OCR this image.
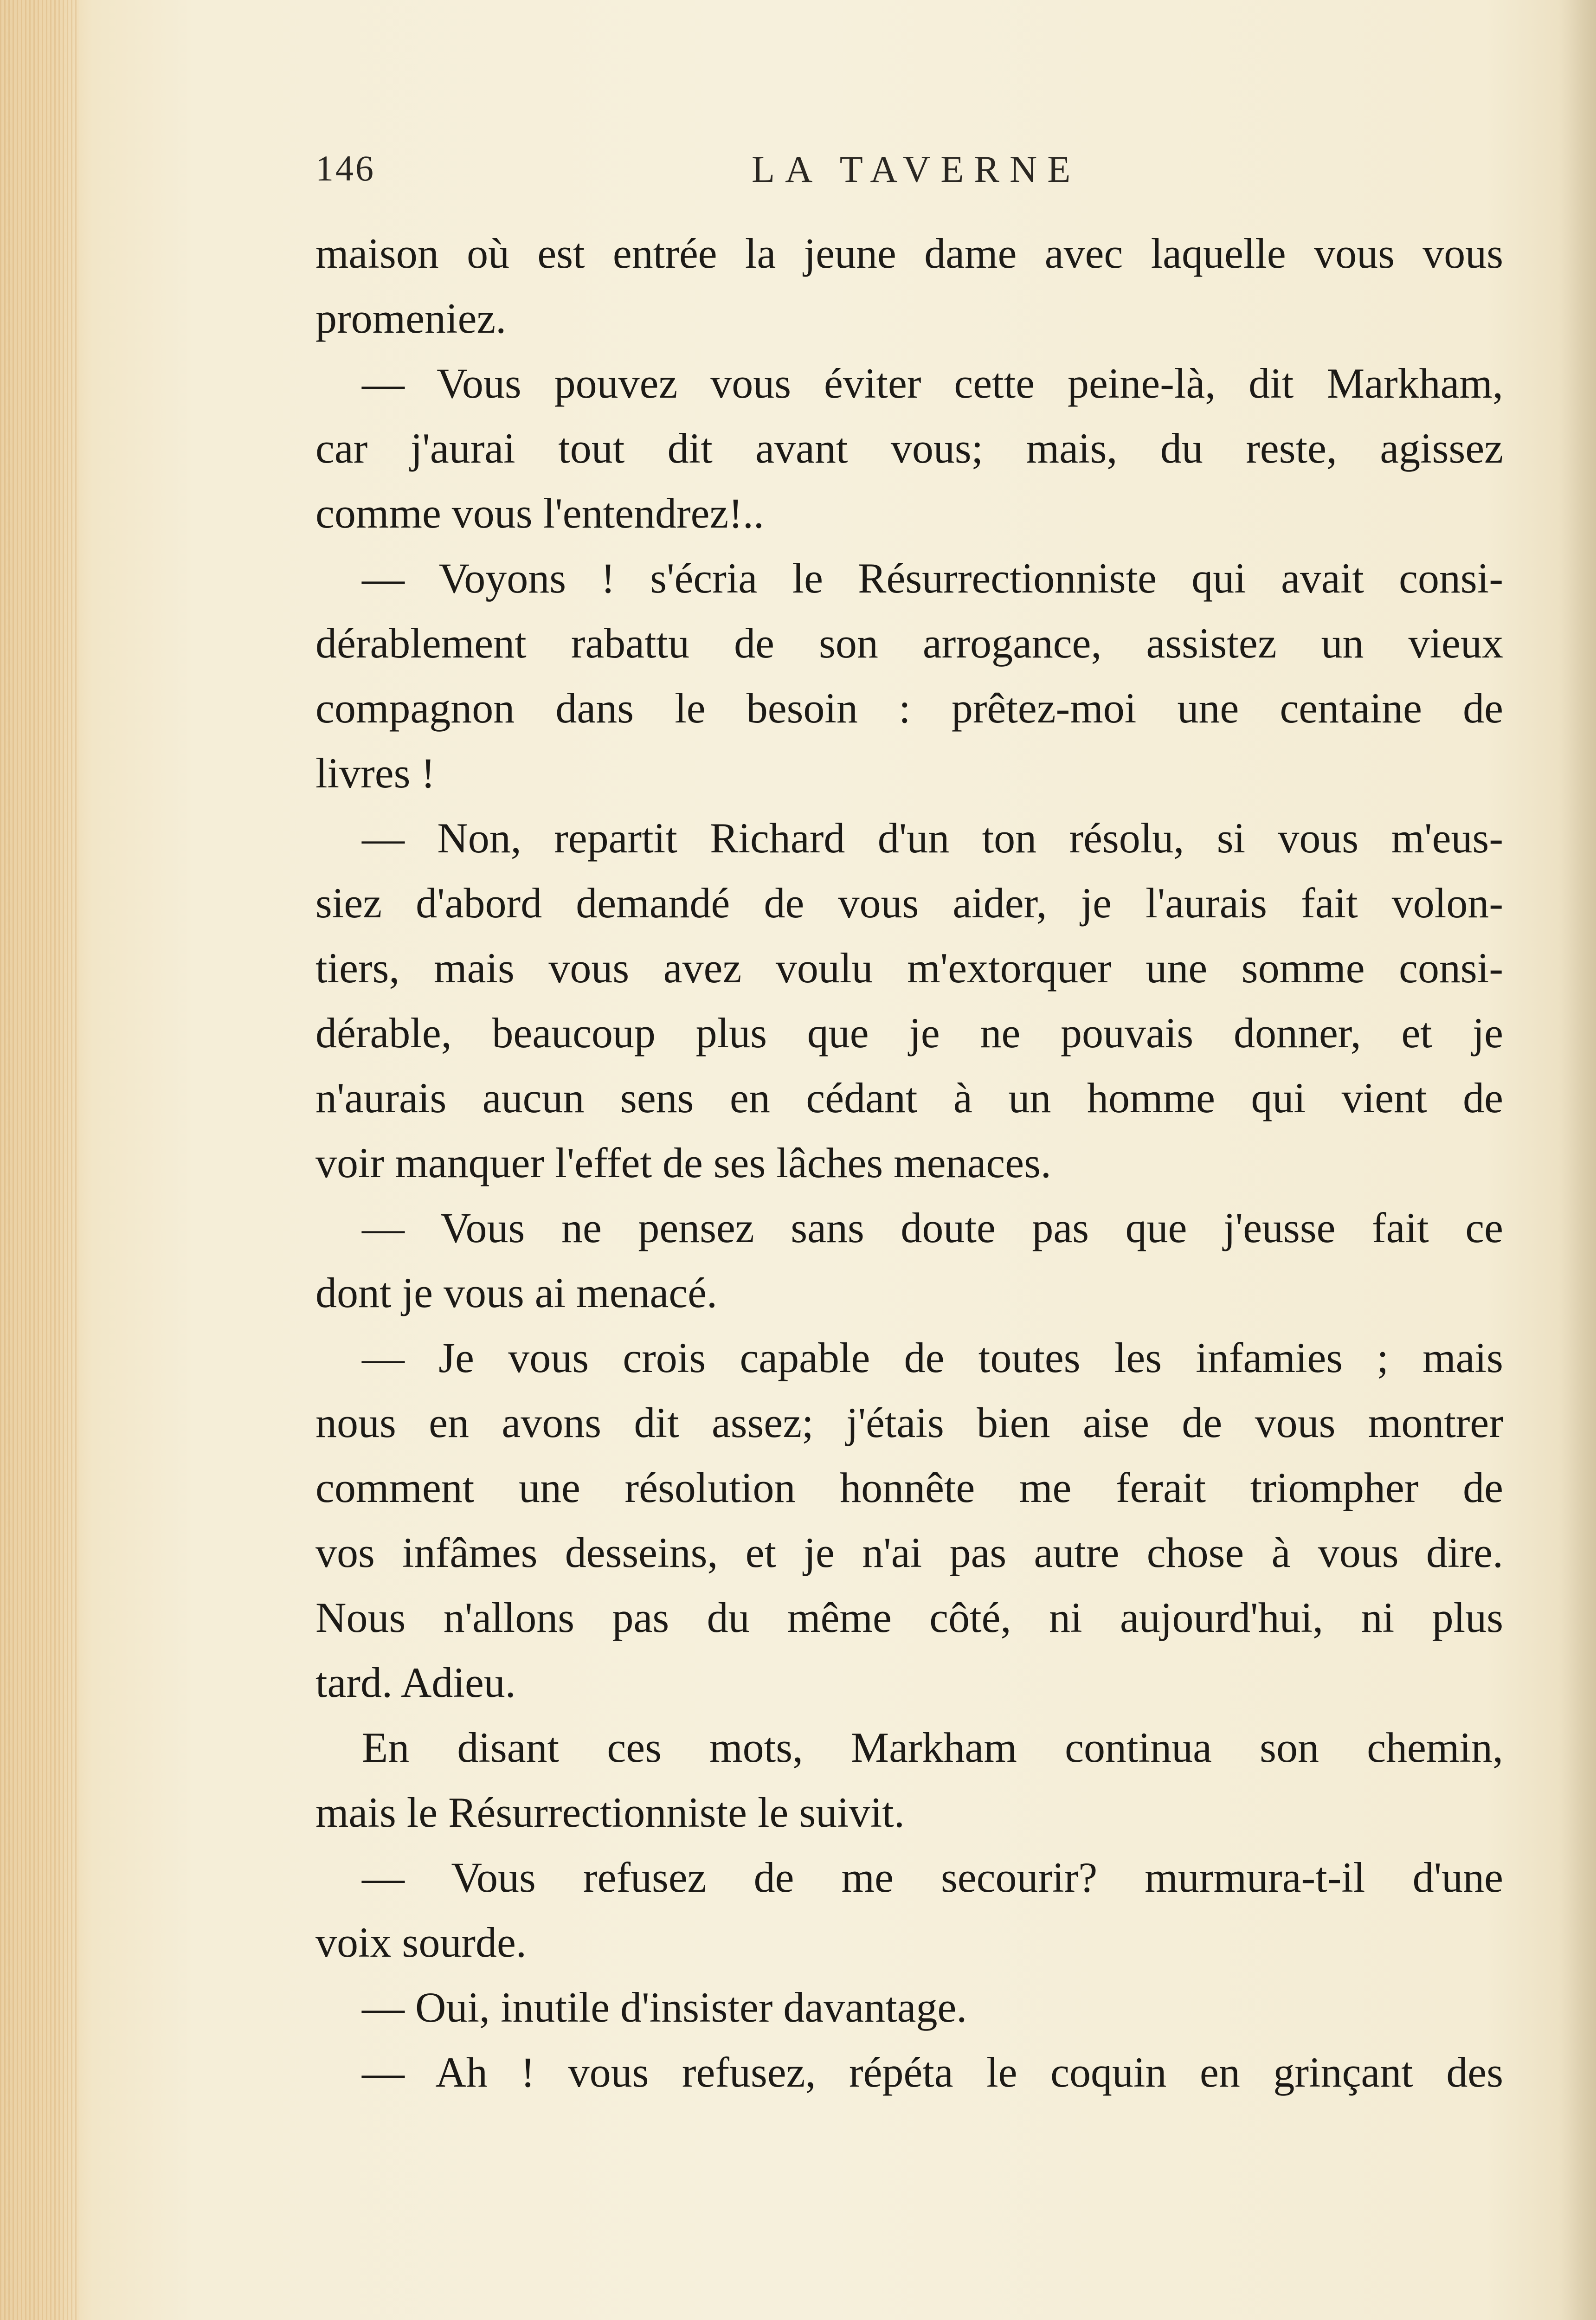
146	LA TAVERNE
maison où est entrée la jeune dame avec laquelle vous vous
promeniez.
— Vous pouvez vous éviter cette peine-là, dit Markham,
car j'aurai tout dit avant vous; mais, du reste, agissez
comme vous l'entendrez!..
— Voyons ! s'écria le Résurrectionniste qui avait consi-
dérablement rabattu de son arrogance, assistez un vieux
compagnon dans le besoin : prêtez-moi une centaine de
livres !
— Non, repartit Richard d'un ton résolu, si vous m'eus-
siez d'abord demandé de vous aider, je l'aurais fait volon-
tiers, mais vous avez voulu m'extorquer une somme consi-
dérable, beaucoup plus que je ne pouvais donner, et je
n'aurais aucun sens en cédant à un homme qui vient de
voir manquer l'effet de ses lâches menaces.
— Vous ne pensez sans doute pas que j'eusse fait ce
dont je vous ai menacé.
— Je vous crois capable de toutes les infamies ; mais
nous en avons dit assez; j'étais bien aise de vous montrer
comment une résolution honnête me ferait triompher de
vos infâmes desseins, et je n'ai pas autre chose à vous dire.
Nous n'allons pas du même côté, ni aujourd'hui, ni plus
tard. Adieu.
En disant ces mots, Markham continua son chemin,
mais le Résurrectionniste le suivit.
— Vous refusez de me secourir? murmura-t-il d'une
voix sourde.
— Oui, inutile d'insister davantage.
— Ah ! vous refusez, répéta le coquin en grinçant des
